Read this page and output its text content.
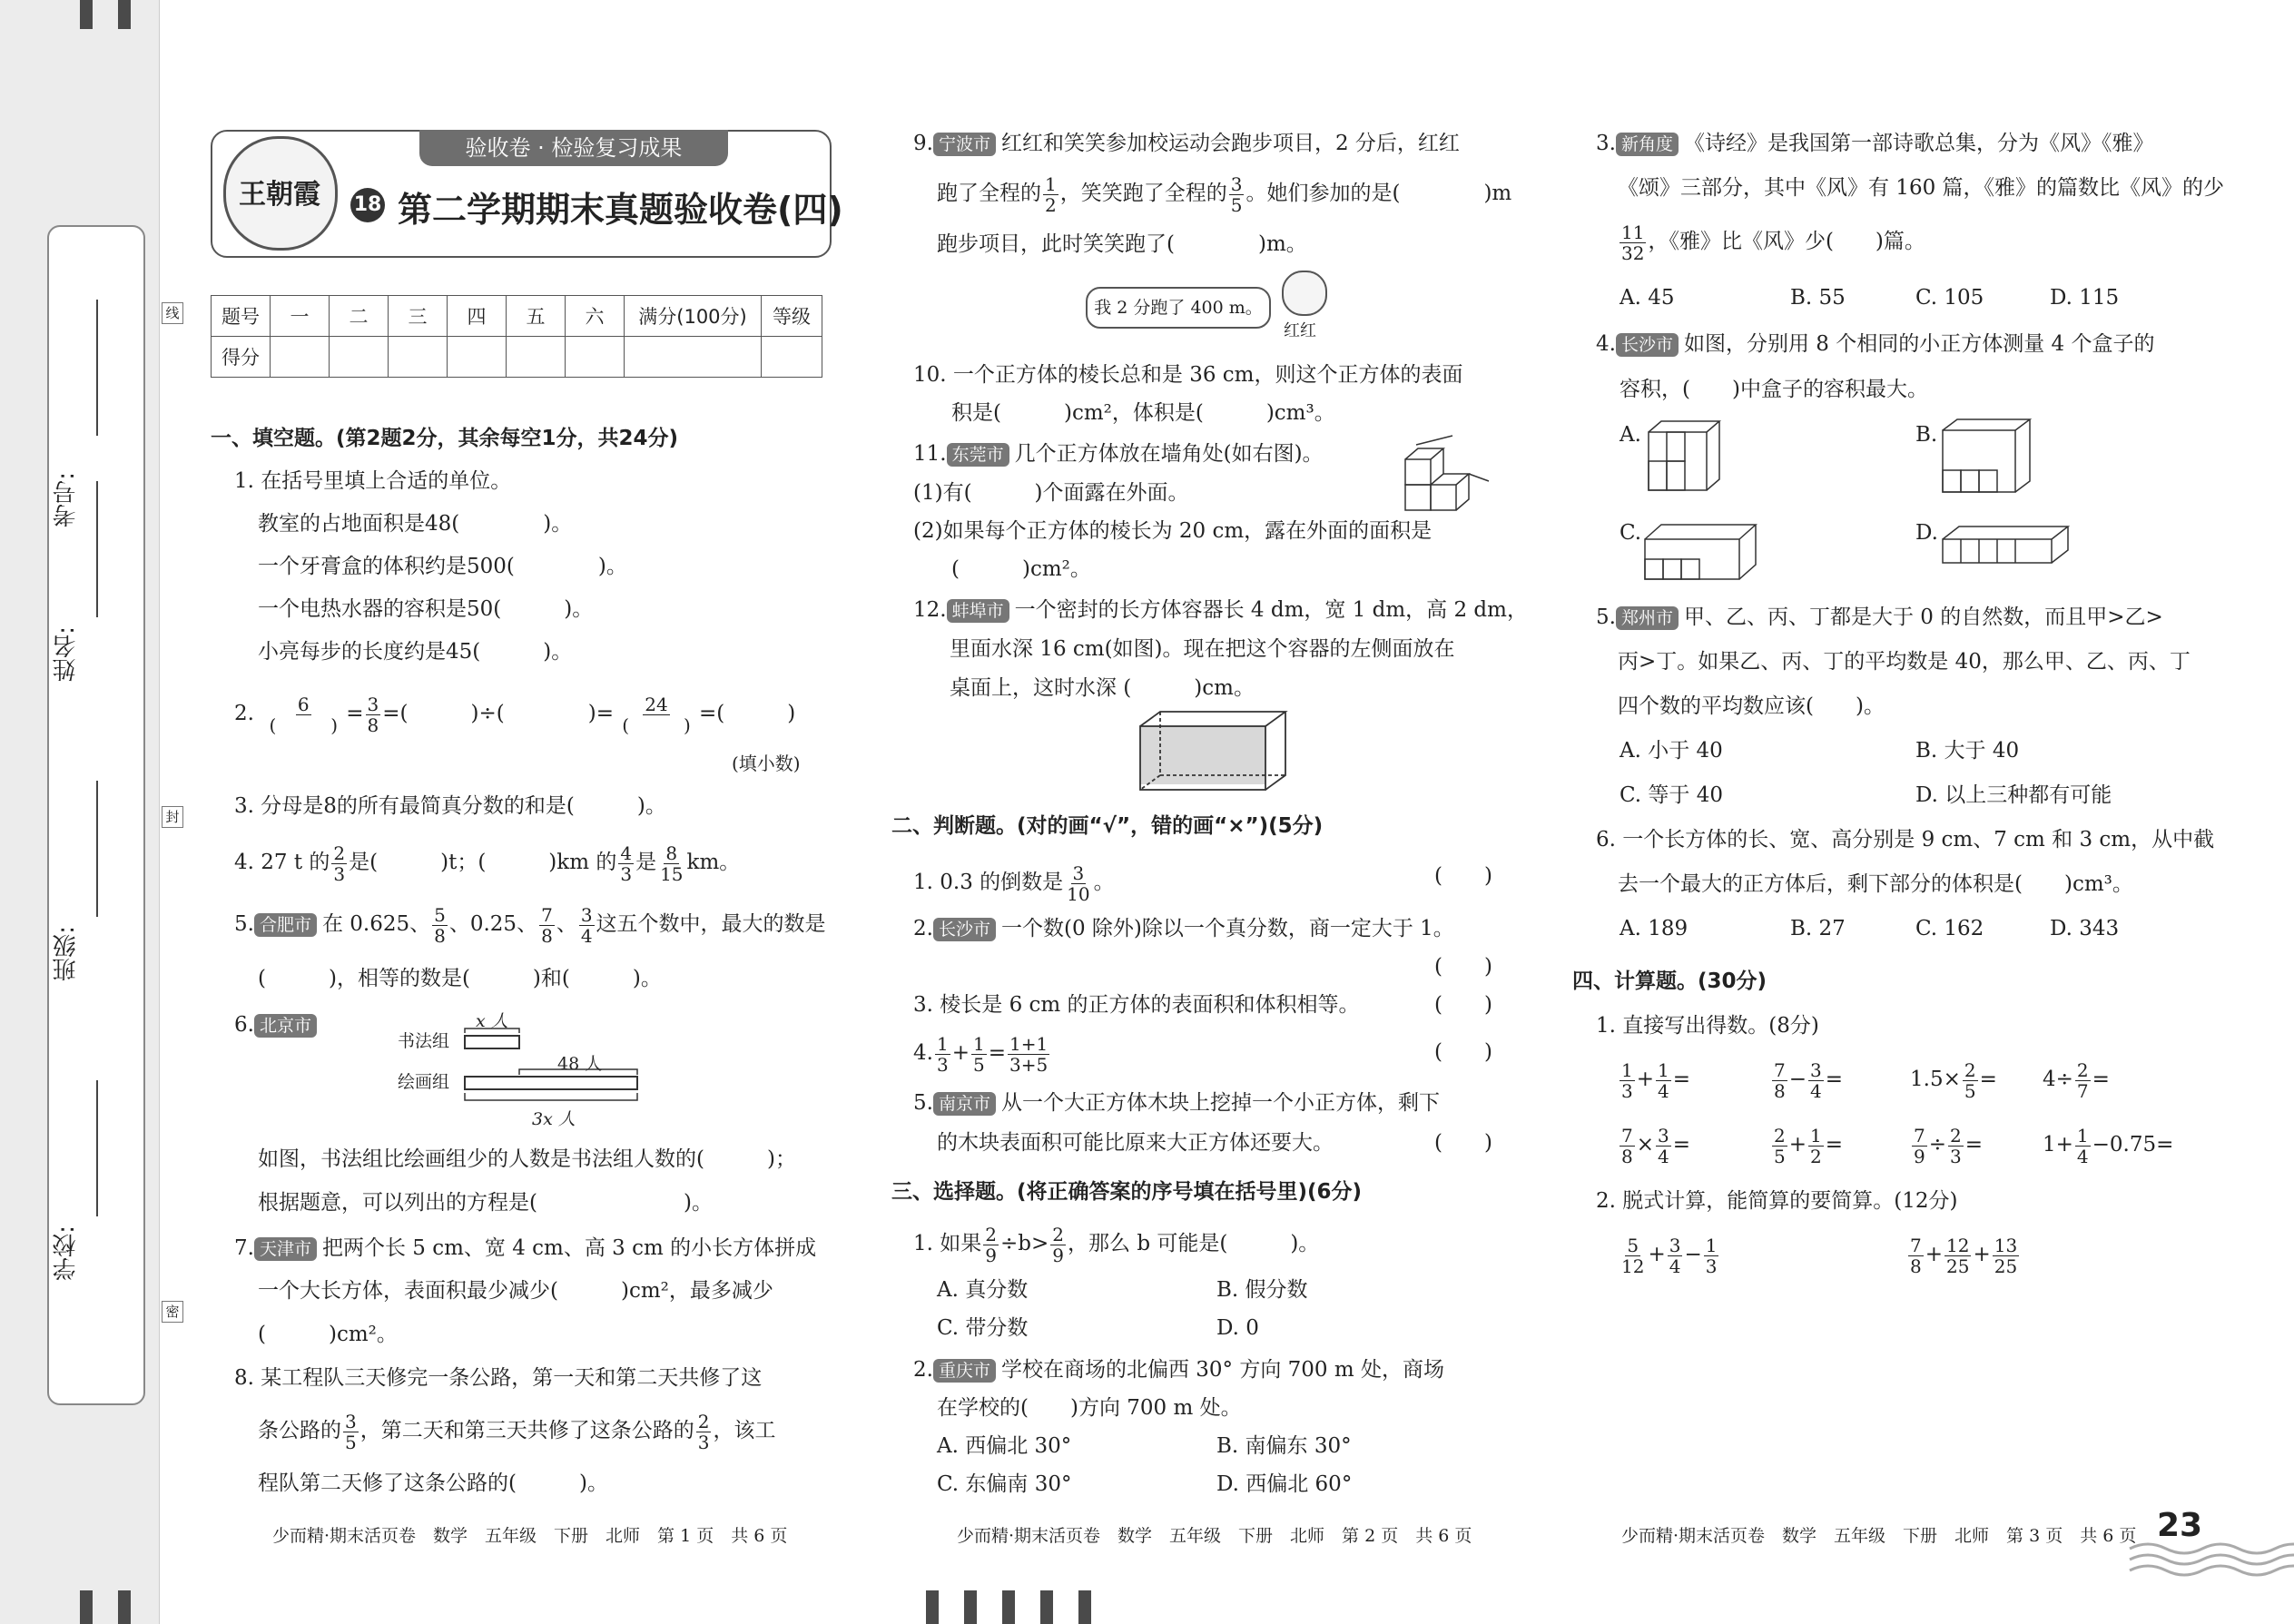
学校:
班级:
姓名:
考号:
线
封
密
王朝霞
验收卷 · 检验复习成果
18 第二学期期末真题验收卷(四)
题号	一	二	三	四	五	六	满分(100分)	等级
得分								
一、填空题。(第2题2分，其余每空1分，共24分)
1. 在括号里填上合适的单位。
教室的占地面积是48(　　　　)。
一个牙膏盒的体积约是500(　　　　)。
一个电热水器的容积是50(　　　)。
小亮每步的长度约是45(　　　)。
2. $\frac{6}{( )} = \frac{3}{8}$ =(　　　)÷(　　　　)= $\frac{24}{( )}$ =(　　　)
(填小数)
3. 分母是8的所有最简真分数的和是(　　　)。
4. 27 t 的 $\frac{2}{3}$ 是(　　　)t；(　　　)km 的 $\frac{4}{3}$ 是 $\frac{8}{15}$ km。
5. 合肥市 在 0.625、 $\frac{5}{8}$ 、0.25、 $\frac{7}{8}$ 、 $\frac{3}{4}$ 这五个数中，最大的数是
(　　　)，相等的数是(　　　)和(　　　)。
6. 北京市
书法组
绘画组
x 人
48 人
3x 人
如图，书法组比绘画组少的人数是书法组人数的(　　　)；
根据题意，可以列出的方程是(　　　　　　　)。
7. 天津市 把两个长 5 cm、宽 4 cm、高 3 cm 的小长方体拼成
一个大长方体，表面积最少减少(　　　)cm²，最多减少
(　　　)cm²。
8. 某工程队三天修完一条公路，第一天和第二天共修了这
条公路的 $\frac{3}{5}$ ，第二天和第三天共修了这条公路的 $\frac{2}{3}$ ，该工
程队第二天修了这条公路的(　　　)。
少而精·期末活页卷　数学　五年级　下册　北师　第 1 页　共 6 页
9. 宁波市 红红和笑笑参加校运动会跑步项目，2 分后，红红
跑了全程的 $\frac{1}{2}$ ，笑笑跑了全程的 $\frac{3}{5}$ 。她们参加的是(　　　　)m
跑步项目，此时笑笑跑了(　　　　)m。
我 2 分跑了 400 m。
红红
10. 一个正方体的棱长总和是 36 cm，则这个正方体的表面
积是(　　　)cm²，体积是(　　　)cm³。
11. 东莞市 几个正方体放在墙角处(如右图)。
(1)有(　　　)个面露在外面。
(2)如果每个正方体的棱长为 20 cm，露在外面的面积是
(　　　)cm²。
12. 蚌埠市 一个密封的长方体容器长 4 dm，宽 1 dm，高 2 dm，
里面水深 16 cm(如图)。现在把这个容器的左侧面放在
桌面上，这时水深 (　　　)cm。
二、判断题。(对的画“√”，错的画“×”)(5分)
1. 0.3 的倒数是 $\frac{3}{10}$ 。	(　　)
2. 长沙市 一个数(0 除外)除以一个真分数，商一定大于 1。
(　　)
3. 棱长是 6 cm 的正方体的表面积和体积相等。	(　　)
4. $\frac{1}{3} + \frac{1}{5} = \frac{1+1}{3+5}$	(　　)
5. 南京市 从一个大正方体木块上挖掉一个小正方体，剩下
的木块表面积可能比原来大正方体还要大。	(　　)
三、选择题。(将正确答案的序号填在括号里)(6分)
1. 如果 $\frac{2}{9} \div b> \frac{2}{9}$ ，那么 b 可能是(　　　)。
A. 真分数	B. 假分数
C. 带分数	D. 0
2. 重庆市 学校在商场的北偏西 30° 方向 700 m 处，商场
在学校的(　　)方向 700 m 处。
A. 西偏北 30°	B. 南偏东 30°
C. 东偏南 30°	D. 西偏北 60°
少而精·期末活页卷　数学　五年级　下册　北师　第 2 页　共 6 页
3. 新角度 《诗经》是我国第一部诗歌总集，分为《风》《雅》
《颂》三部分，其中《风》有 160 篇，《雅》的篇数比《风》的少
$\frac{11}{32}$ ，《雅》比《风》少(　　)篇。
A. 45	B. 55	C. 105	D. 115
4. 长沙市 如图，分别用 8 个相同的小正方体测量 4 个盒子的
容积，(　　)中盒子的容积最大。
A.	B.
C.	D.
5. 郑州市 甲、乙、丙、丁都是大于 0 的自然数，而且甲>乙>
丙>丁。如果乙、丙、丁的平均数是 40，那么甲、乙、丙、丁
四个数的平均数应该(　　)。
A. 小于 40	B. 大于 40
C. 等于 40	D. 以上三种都有可能
6. 一个长方体的长、宽、高分别是 9 cm、7 cm 和 3 cm，从中截
去一个最大的正方体后，剩下部分的体积是(　　)cm³。
A. 189	B. 27	C. 162	D. 343
四、计算题。(30分)
1. 直接写出得数。(8分)
$\frac{1}{3} + \frac{1}{4}$ =	$\frac{7}{8} - \frac{3}{4}$ =	$1.5\times \frac{2}{5} = 4\div \frac{2}{7}$ =
$\frac{7}{8} \times \frac{3}{4}$ =	$\frac{2}{5} + \frac{1}{2}$ =	$\frac{7}{9} \div \frac{2}{3}$ =	$1+ \frac{1}{4} -0.75=$
2. 脱式计算，能简算的要简算。(12分)
$\frac{5}{12} + \frac{3}{4} - \frac{1}{3}$	$\frac{7}{8} + \frac{12}{25} + \frac{13}{25}$
少而精·期末活页卷　数学　五年级　下册　北师　第 3 页　共 6 页 23
